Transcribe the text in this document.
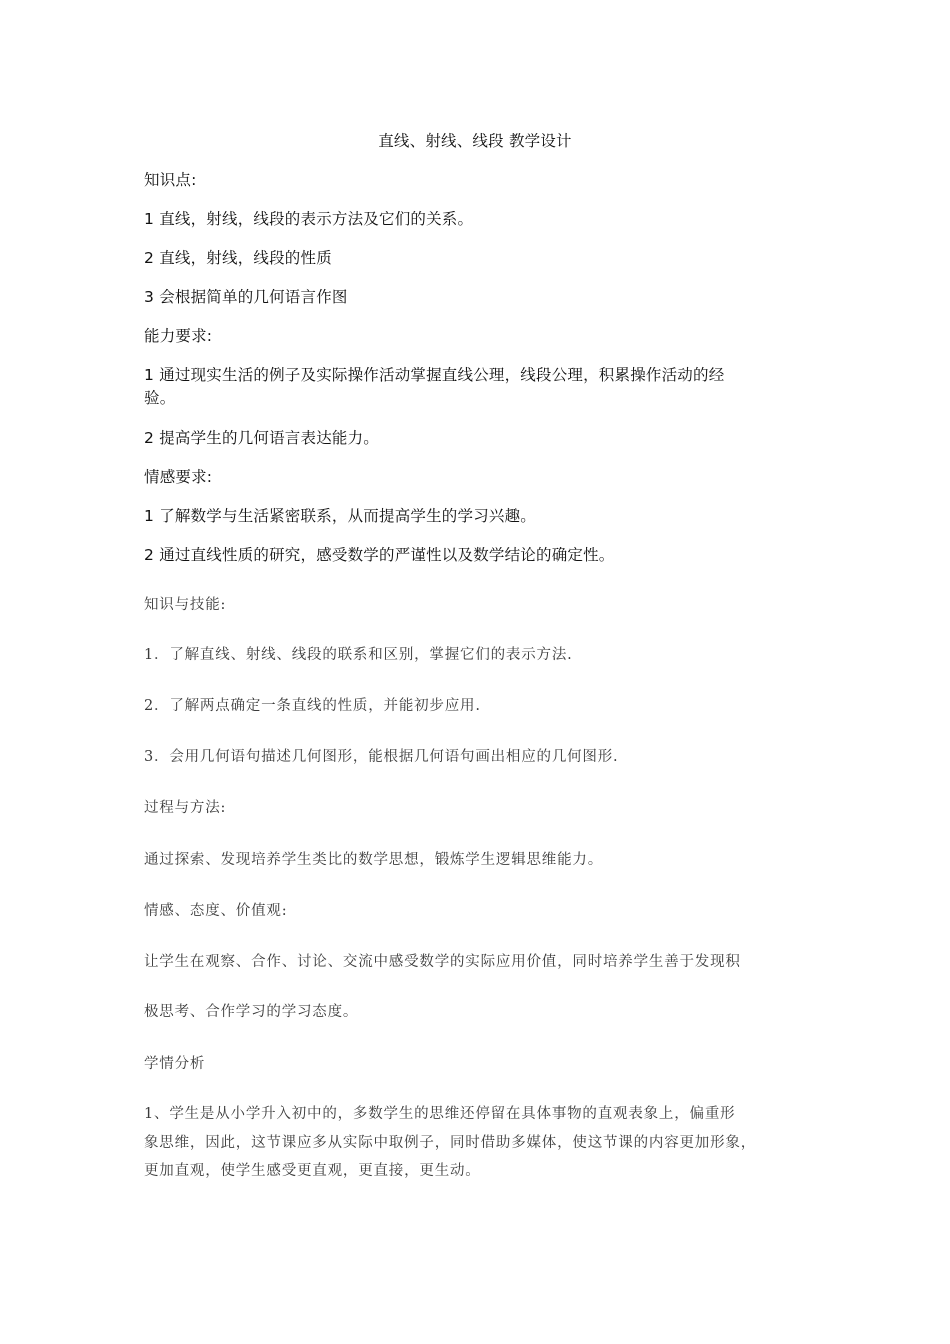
直线、射线、线段 教学设计

知识点:

1 直线，射线，线段的表示方法及它们的关系。

2 直线，射线，线段的性质

3 会根据简单的几何语言作图

能力要求:

1 通过现实生活的例子及实际操作活动掌握直线公理，线段公理，积累操作活动的经

验。

2 提高学生的几何语言表达能力。

情感要求:

1 了解数学与生活紧密联系，从而提高学生的学习兴趣。

2 通过直线性质的研究，感受数学的严谨性以及数学结论的确定性。

知识与技能:

1．了解直线、射线、线段的联系和区别，掌握它们的表示方法.

2．了解两点确定一条直线的性质，并能初步应用.

3．会用几何语句描述几何图形，能根据几何语句画出相应的几何图形.

过程与方法:

通过探索、发现培养学生类比的数学思想，锻炼学生逻辑思维能力。

情感、态度、价值观:

让学生在观察、合作、讨论、交流中感受数学的实际应用价值，同时培养学生善于发现积

极思考、合作学习的学习态度。

学情分析

1、学生是从小学升入初中的，多数学生的思维还停留在具体事物的直观表象上，偏重形

象思维，因此，这节课应多从实际中取例子，同时借助多媒体，使这节课的内容更加形象，

更加直观，使学生感受更直观，更直接，更生动。
